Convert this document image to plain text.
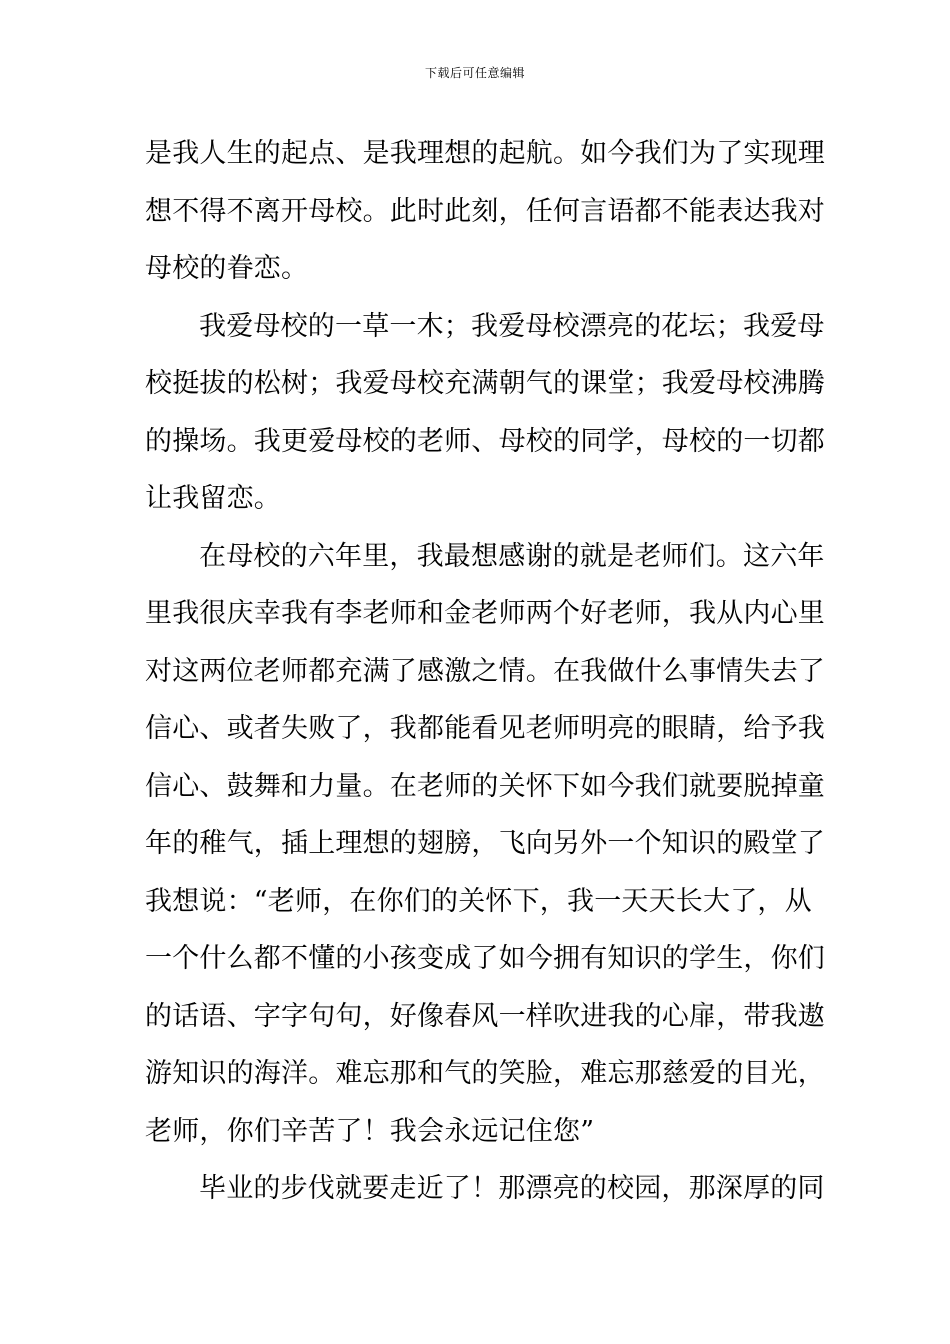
下载后可任意编辑
是我人生的起点、是我理想的起航。如今我们为了实现理
想不得不离开母校。此时此刻，任何言语都不能表达我对
母校的眷恋。
我爱母校的一草一木；我爱母校漂亮的花坛；我爱母
校挺拔的松树；我爱母校充满朝气的课堂；我爱母校沸腾
的操场。我更爱母校的老师、母校的同学，母校的一切都
让我留恋。
在母校的六年里，我最想感谢的就是老师们。这六年
里我很庆幸我有李老师和金老师两个好老师，我从内心里
对这两位老师都充满了感激之情。在我做什么事情失去了
信心、或者失败了，我都能看见老师明亮的眼睛，给予我
信心、鼓舞和力量。在老师的关怀下如今我们就要脱掉童
年的稚气，插上理想的翅膀，飞向另外一个知识的殿堂了
我想说：“老师，在你们的关怀下，我一天天长大了，从
一个什么都不懂的小孩变成了如今拥有知识的学生，你们
的话语、字字句句，好像春风一样吹进我的心扉，带我遨
游知识的海洋。难忘那和气的笑脸，难忘那慈爱的目光，
老师，你们辛苦了！我会永远记住您”
毕业的步伐就要走近了！那漂亮的校园，那深厚的同
